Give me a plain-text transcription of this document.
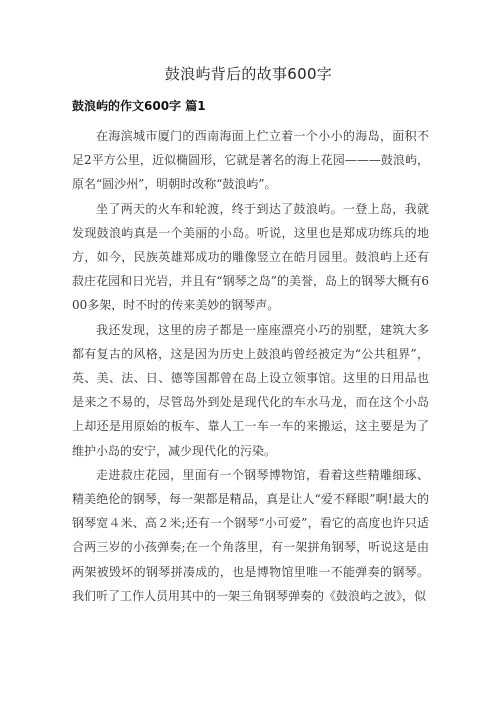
鼓浪屿背后的故事600字
鼓浪屿的作文600字 篇1

在海滨城市厦门的西南海面上伫立着一个小小的海岛，面积不足2平方公里，近似椭圆形，它就是著名的海上花园———鼓浪屿，原名“圆沙州”，明朝时改称“鼓浪屿”。

坐了两天的火车和轮渡，终于到达了鼓浪屿。一登上岛，我就发现鼓浪屿真是一个美丽的小岛。听说，这里也是郑成功练兵的地方，如今，民族英雄郑成功的雕像竖立在皓月园里。鼓浪屿上还有菽庄花园和日光岩，并且有“钢琴之岛”的美誉，岛上的钢琴大概有600多架，时不时的传来美妙的钢琴声。

我还发现，这里的房子都是一座座漂亮小巧的别墅，建筑大多都有复古的风格，这是因为历史上鼓浪屿曾经被定为“公共租界”，英、美、法、日、德等国都曾在岛上设立领事馆。这里的日用品也是来之不易的，尽管岛外到处是现代化的车水马龙，而在这个小岛上却还是用原始的板车、靠人工一车一车的来搬运，这主要是为了维护小岛的安宁，减少现代化的污染。

走进菽庄花园，里面有一个钢琴博物馆，看着这些精雕细琢、精美绝伦的钢琴，每一架都是精品，真是让人“爱不释眼”啊!最大的钢琴宽４米、高２米;还有一个钢琴“小可爱”，看它的高度也许只适合两三岁的小孩弹奏;在一个角落里，有一架拼角钢琴，听说这是由两架被毁坏的钢琴拼凑成的，也是博物馆里唯一不能弹奏的钢琴。我们听了工作人员用其中的一架三角钢琴弹奏的《鼓浪屿之波》，似
